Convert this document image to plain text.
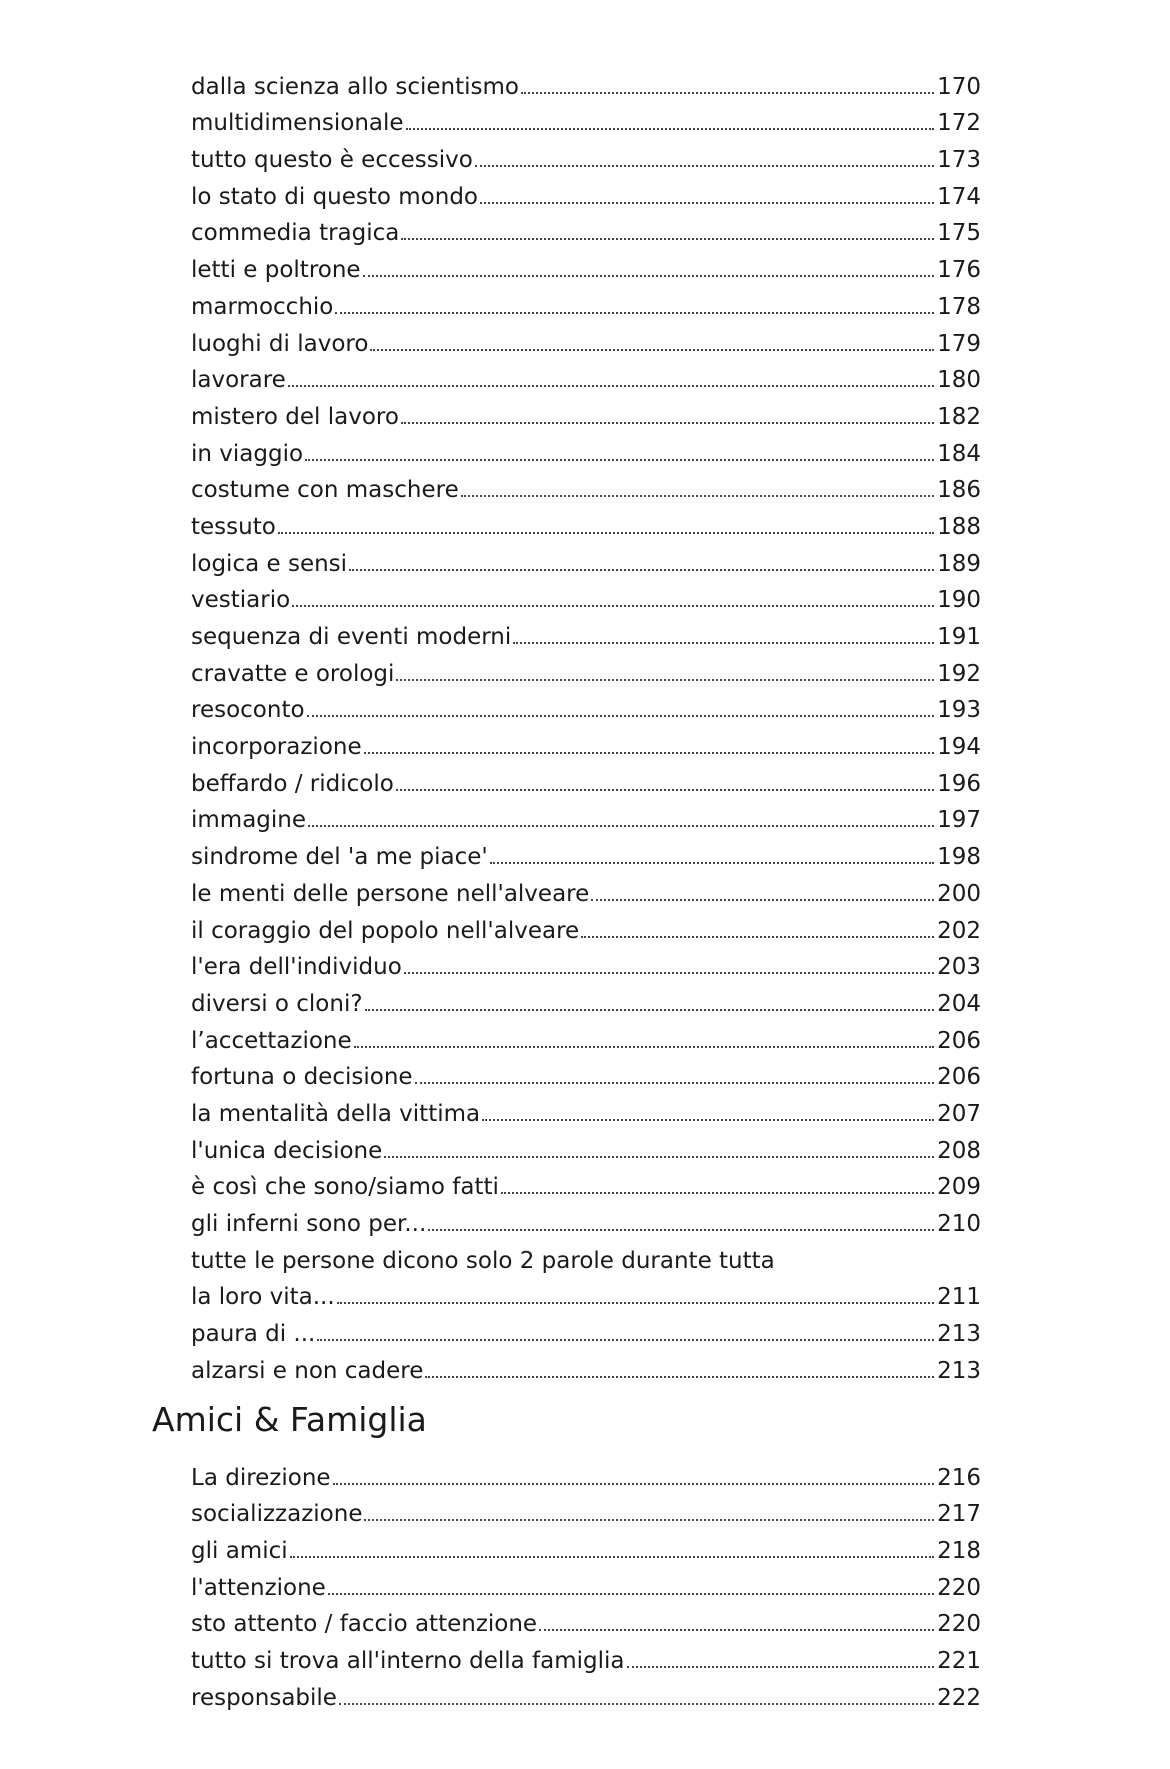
dalla scienza allo scientismo	170
multidimensionale	172
tutto questo è eccessivo	173
lo stato di questo mondo	174
commedia tragica	175
letti e poltrone	176
marmocchio	178
luoghi di lavoro	179
lavorare	180
mistero del lavoro	182
in viaggio	184
costume con maschere	186
tessuto	188
logica e sensi	189
vestiario	190
sequenza di eventi moderni	191
cravatte e orologi	192
resoconto	193
incorporazione	194
beffardo / ridicolo	196
immagine	197
sindrome del 'a me piace'	198
le menti delle persone nell'alveare	200
il coraggio del popolo nell'alveare	202
l'era dell'individuo	203
diversi o cloni?	204
l’accettazione	206
fortuna o decisione	206
la mentalità della vittima	207
l'unica decisione	208
è così che sono/siamo fatti	209
gli inferni sono per...	210
tutte le persone dicono solo 2 parole durante tutta
la loro vita...	211
paura di ...	213
alzarsi e non cadere	213
Amici & Famiglia
La direzione	216
socializzazione	217
gli amici	218
l'attenzione	220
sto attento / faccio attenzione	220
tutto si trova all'interno della famiglia	221
responsabile	222
